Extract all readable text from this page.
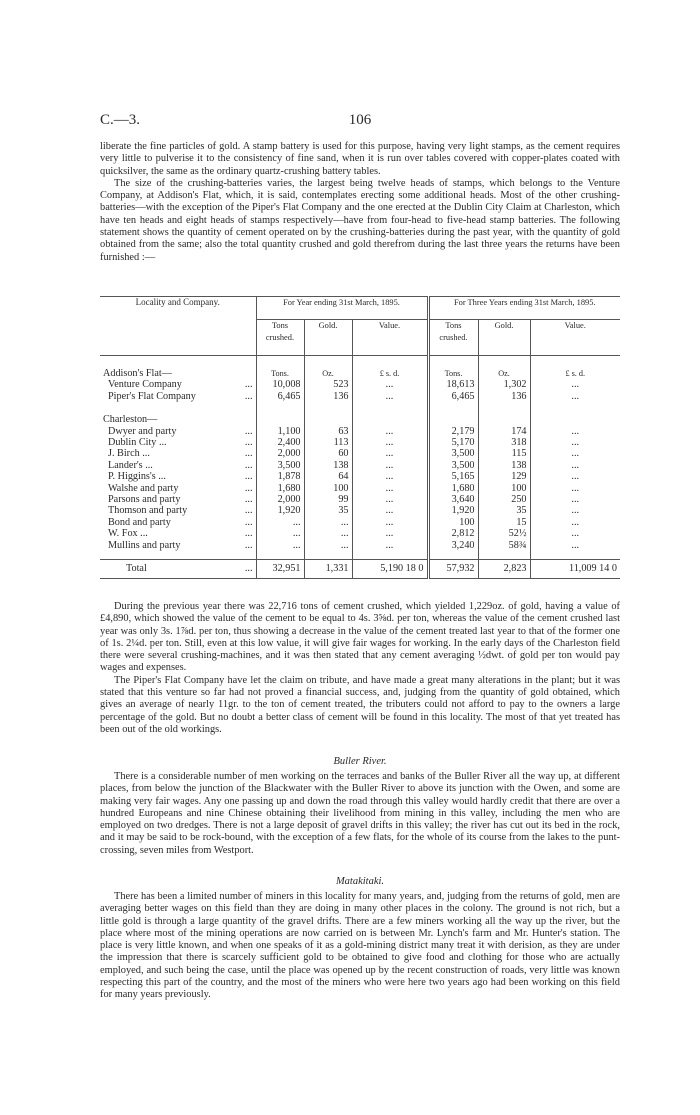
C.—3.	106

liberate the fine particles of gold. A stamp battery is used for this purpose, having very light stamps, as the cement requires very little to pulverise it to the consistency of fine sand, when it is run over tables covered with copper-plates coated with quicksilver, the same as the ordinary quartz-crushing battery tables.

The size of the crushing-batteries varies, the largest being twelve heads of stamps, which belongs to the Venture Company, at Addison's Flat, which, it is said, contemplates erecting some additional heads. Most of the other crushing-batteries—with the exception of the Piper's Flat Company and the one erected at the Dublin City Claim at Charleston, which have ten heads and eight heads of stamps respectively—have from four-head to five-head stamp batteries. The following statement shows the quantity of cement operated on by the crushing-batteries during the past year, with the quantity of gold obtained from the same; also the total quantity crushed and gold therefrom during the last three years the returns have been furnished :—

Locality and Company.		For Year ending 31st March, 1895.			For Three Years ending 31st March, 1895.		
		Tons crushed.	Gold.	Value.	Tons crushed.	Gold.	Value.

Addison's Flat—		Tons.	Oz.	£ s. d.	Tons.	Oz.	£ s. d.
Venture Company	...	10,008	523	...	18,613	1,302	...
Piper's Flat Company	...	6,465	136	...	6,465	136	...

Charleston—							
Dwyer and party	...	1,100	63	...	2,179	174	...
Dublin City ...	...	2,400	113	...	5,170	318	...
J. Birch ...	...	2,000	60	...	3,500	115	...
Lander's ...	...	3,500	138	...	3,500	138	...
P. Higgins's ...	...	1,878	64	...	5,165	129	...
Walshe and party	...	1,680	100	...	1,680	100	...
Parsons and party	...	2,000	99	...	3,640	250	...
Thomson and party	...	1,920	35	...	1,920	35	...
Bond and party	...	...	...	...	100	15	...
W. Fox ...	...	...	...	...	2,812	52½	...
Mullins and party	...	...	...	...	3,240	58¾	...

Total	...	32,951	1,331	5,190 18 0	57,932	2,823	11,009 14 0

During the previous year there was 22,716 tons of cement crushed, which yielded 1,229oz. of gold, having a value of £4,890, which showed the value of the cement to be equal to 4s. 3⅝d. per ton, whereas the value of the cement crushed last year was only 3s. 1⅞d. per ton, thus showing a decrease in the value of the cement treated last year to that of the former one of 1s. 2¼d. per ton. Still, even at this low value, it will give fair wages for working. In the early days of the Charleston field there were several crushing-machines, and it was then stated that any cement averaging ½dwt. of gold per ton would pay wages and expenses.

The Piper's Flat Company have let the claim on tribute, and have made a great many alterations in the plant; but it was stated that this venture so far had not proved a financial success, and, judging from the quantity of gold obtained, which gives an average of nearly 11gr. to the ton of cement treated, the tributers could not afford to pay to the owners a large percentage of the gold. But no doubt a better class of cement will be found in this locality. The most of that yet treated has been out of the old workings.

Buller River.

There is a considerable number of men working on the terraces and banks of the Buller River all the way up, at different places, from below the junction of the Blackwater with the Buller River to above its junction with the Owen, and some are making very fair wages. Any one passing up and down the road through this valley would hardly credit that there are over a hundred Europeans and nine Chinese obtaining their livelihood from mining in this valley, including the men who are employed on two dredges. There is not a large deposit of gravel drifts in this valley; the river has cut out its bed in the rock, and it may be said to be rock-bound, with the exception of a few flats, for the whole of its course from the lakes to the punt-crossing, seven miles from Westport.

Matakitaki.

There has been a limited number of miners in this locality for many years, and, judging from the returns of gold, men are averaging better wages on this field than they are doing in many other places in the colony. The ground is not rich, but a little gold is through a large quantity of the gravel drifts. There are a few miners working all the way up the river, but the place where most of the mining operations are now carried on is between Mr. Lynch's farm and Mr. Hunter's station. The place is very little known, and when one speaks of it as a gold-mining district many treat it with derision, as they are under the impression that there is scarcely sufficient gold to be obtained to give food and clothing for those who are actually employed, and such being the case, until the place was opened up by the recent construction of roads, very little was known respecting this part of the country, and the most of the miners who were here two years ago had been working on this field for many years previously.
